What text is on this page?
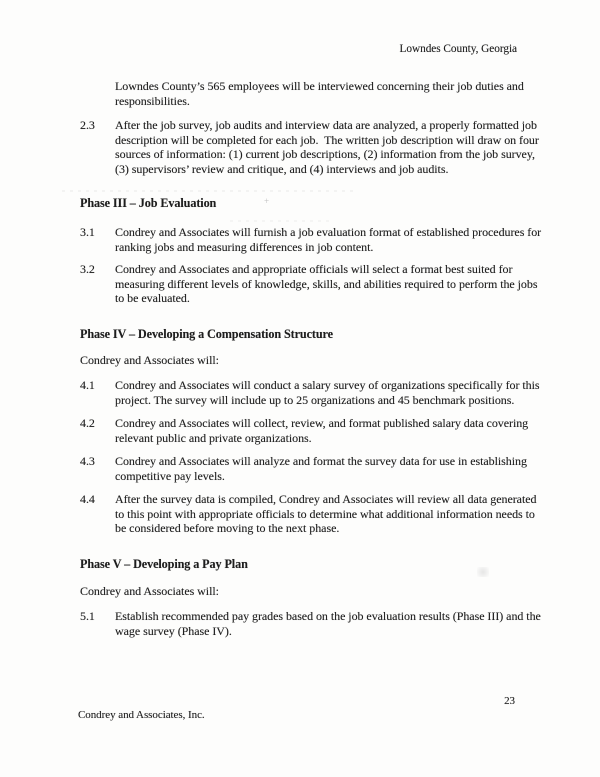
Lowndes County, Georgia
Lowndes County’s 565 employees will be interviewed concerning their job duties and
responsibilities.
2.3 After the job survey, job audits and interview data are analyzed, a properly formatted job
description will be completed for each job.  The written job description will draw on four
sources of information: (1) current job descriptions, (2) information from the job survey,
(3) supervisors’ review and critique, and (4) interviews and job audits.
Phase III – Job Evaluation	+
3.1 Condrey and Associates will furnish a job evaluation format of established procedures for
ranking jobs and measuring differences in job content.
3.2 Condrey and Associates and appropriate officials will select a format best suited for
measuring different levels of knowledge, skills, and abilities required to perform the jobs
to be evaluated.
Phase IV – Developing a Compensation Structure
Condrey and Associates will:
4.1 Condrey and Associates will conduct a salary survey of organizations specifically for this
project. The survey will include up to 25 organizations and 45 benchmark positions.
4.2 Condrey and Associates will collect, review, and format published salary data covering
relevant public and private organizations.
4.3 Condrey and Associates will analyze and format the survey data for use in establishing
competitive pay levels.
4.4 After the survey data is compiled, Condrey and Associates will review all data generated
to this point with appropriate officials to determine what additional information needs to
be considered before moving to the next phase.
Phase V – Developing a Pay Plan
Condrey and Associates will:
5.1 Establish recommended pay grades based on the job evaluation results (Phase III) and the
wage survey (Phase IV).
23
Condrey and Associates, Inc.
